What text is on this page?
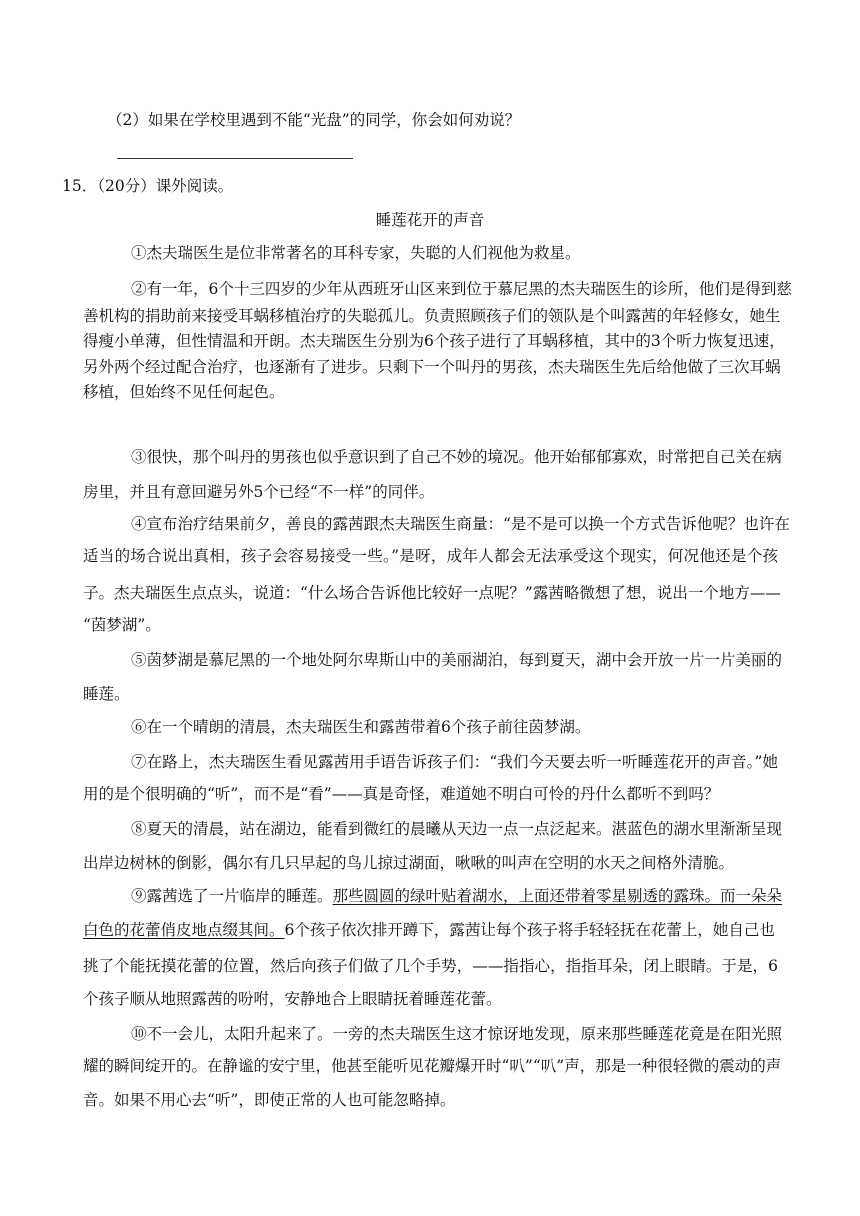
（2）如果在学校里遇到不能“光盘”的同学，你会如何劝说？
15．（20分）课外阅读。
睡莲花开的声音
①杰夫瑞医生是位非常著名的耳科专家，失聪的人们视他为救星。
②有一年，6个十三四岁的少年从西班牙山区来到位于慕尼黑的杰夫瑞医生的诊所，他们是得到慈
善机构的捐助前来接受耳蜗移植治疗的失聪孤儿。负责照顾孩子们的领队是个叫露茜的年轻修女，她生
得瘦小单薄，但性情温和开朗。杰夫瑞医生分别为6个孩子进行了耳蜗移植，其中的3个听力恢复迅速，
另外两个经过配合治疗，也逐渐有了进步。只剩下一个叫丹的男孩，杰夫瑞医生先后给他做了三次耳蜗
移植，但始终不见任何起色。
③很快，那个叫丹的男孩也似乎意识到了自己不妙的境况。他开始郁郁寡欢，时常把自己关在病
房里，并且有意回避另外5个已经“不一样”的同伴。
④宣布治疗结果前夕，善良的露茜跟杰夫瑞医生商量：“是不是可以换一个方式告诉他呢？也许在
适当的场合说出真相，孩子会容易接受一些。”是呀，成年人都会无法承受这个现实，何况他还是个孩
子。杰夫瑞医生点点头，说道：“什么场合告诉他比较好一点呢？”露茜略微想了想，说出一个地方——
“茵梦湖”。
⑤茵梦湖是慕尼黑的一个地处阿尔卑斯山中的美丽湖泊，每到夏天，湖中会开放一片一片美丽的
睡莲。
⑥在一个晴朗的清晨，杰夫瑞医生和露茜带着6个孩子前往茵梦湖。
⑦在路上，杰夫瑞医生看见露茜用手语告诉孩子们：“我们今天要去听一听睡莲花开的声音。”她
用的是个很明确的“听”，而不是“看”——真是奇怪，难道她不明白可怜的丹什么都听不到吗？
⑧夏天的清晨，站在湖边，能看到微红的晨曦从天边一点一点泛起来。湛蓝色的湖水里渐渐呈现
出岸边树林的倒影，偶尔有几只早起的鸟儿掠过湖面，啾啾的叫声在空明的水天之间格外清脆。
⑨露茜选了一片临岸的睡莲。那些圆圆的绿叶贴着湖水，上面还带着零星剔透的露珠。而一朵朵
白色的花蕾俏皮地点缀其间。6个孩子依次排开蹲下，露茜让每个孩子将手轻轻抚在花蕾上，她自己也
挑了个能抚摸花蕾的位置，然后向孩子们做了几个手势，——指指心，指指耳朵，闭上眼睛。于是，6
个孩子顺从地照露茜的吩咐，安静地合上眼睛抚着睡莲花蕾。
⑩不一会儿，太阳升起来了。一旁的杰夫瑞医生这才惊讶地发现，原来那些睡莲花竟是在阳光照
耀的瞬间绽开的。在静谧的安宁里，他甚至能听见花瓣爆开时“叭”“叭”声，那是一种很轻微的震动的声
音。如果不用心去“听”，即使正常的人也可能忽略掉。
